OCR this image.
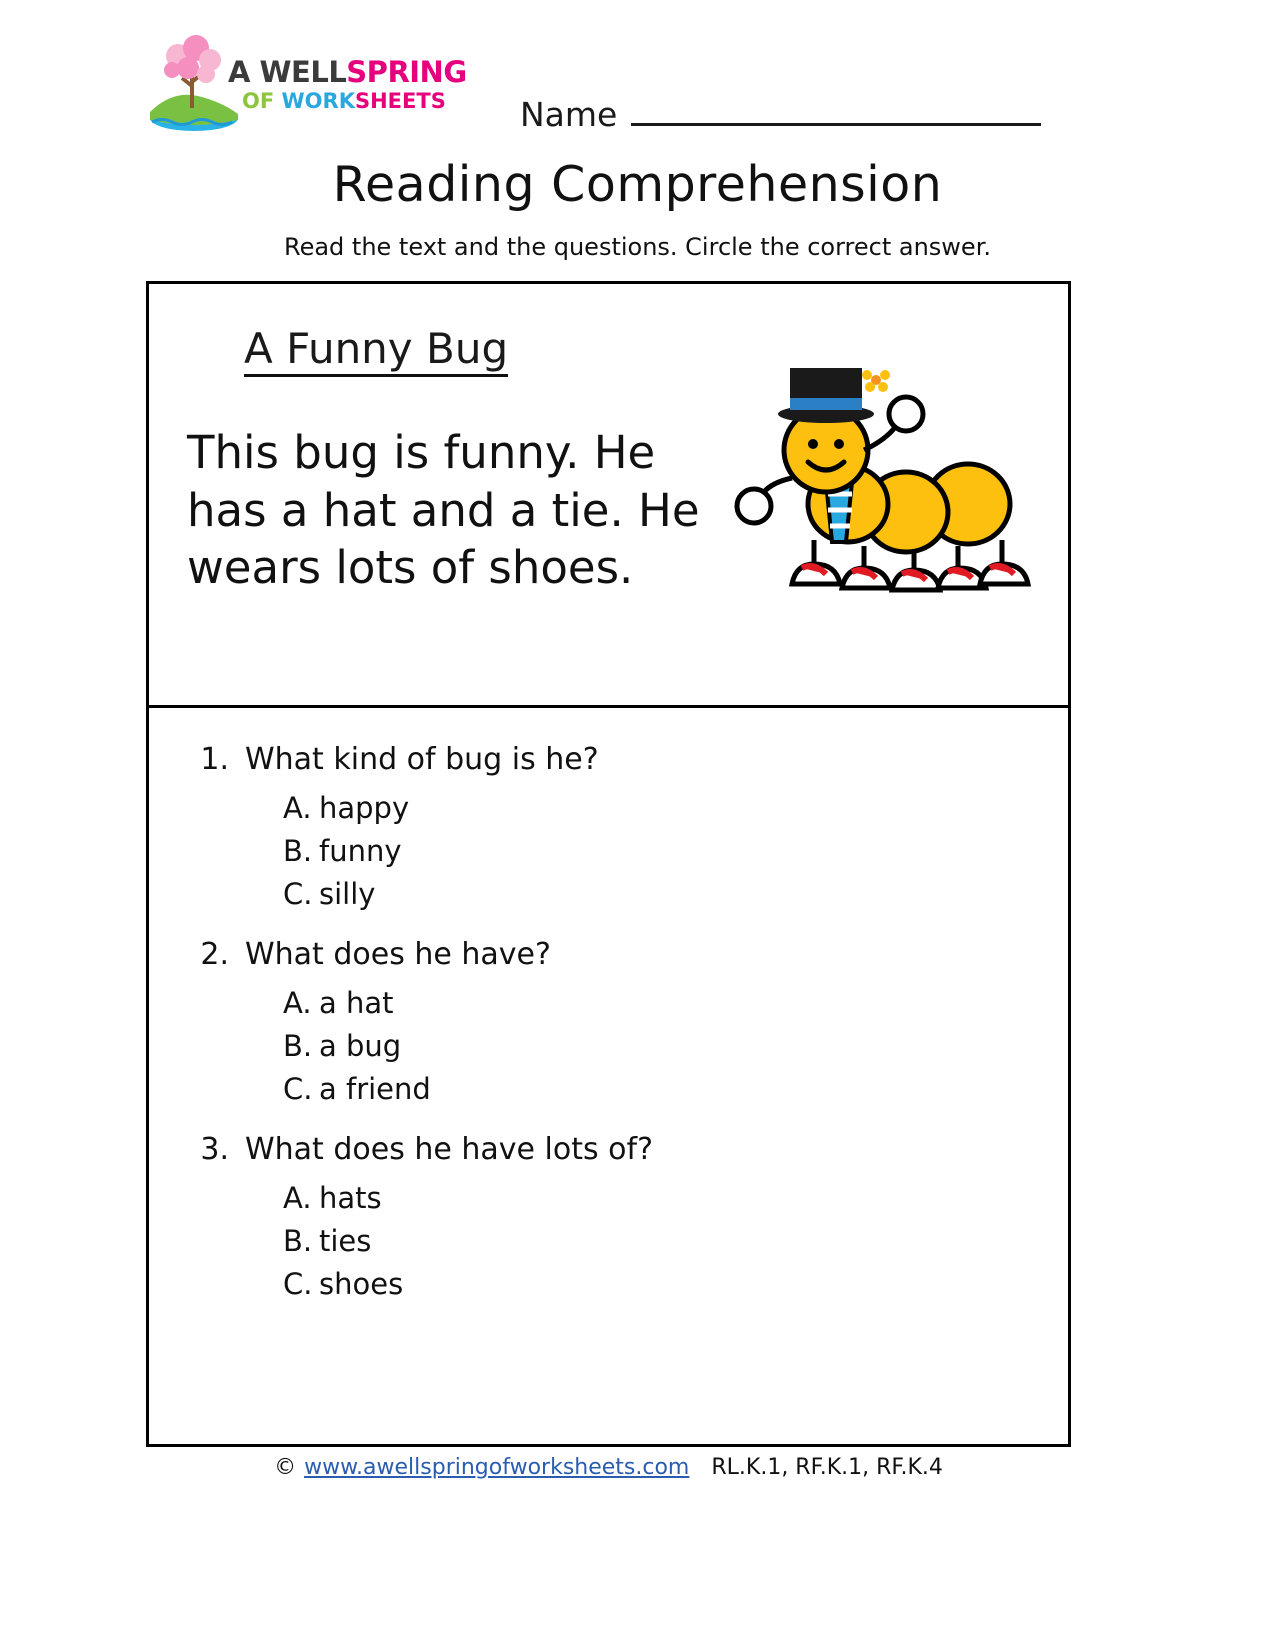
A WELLSPRING
OF WORKSHEETS	Name
Reading Comprehension
Read the text and the questions. Circle the correct answer.
A Funny Bug
This bug is funny. He has a hat and a tie. He wears lots of shoes.
1. What kind of bug is he?
A. happy
B. funny
C. silly
2. What does he have?
A. a hat
B. a bug
C. a friend
3. What does he have lots of?
A. hats
B. ties
C. shoes
© www.awellspringofworksheets.com RL.K.1, RF.K.1, RF.K.4
